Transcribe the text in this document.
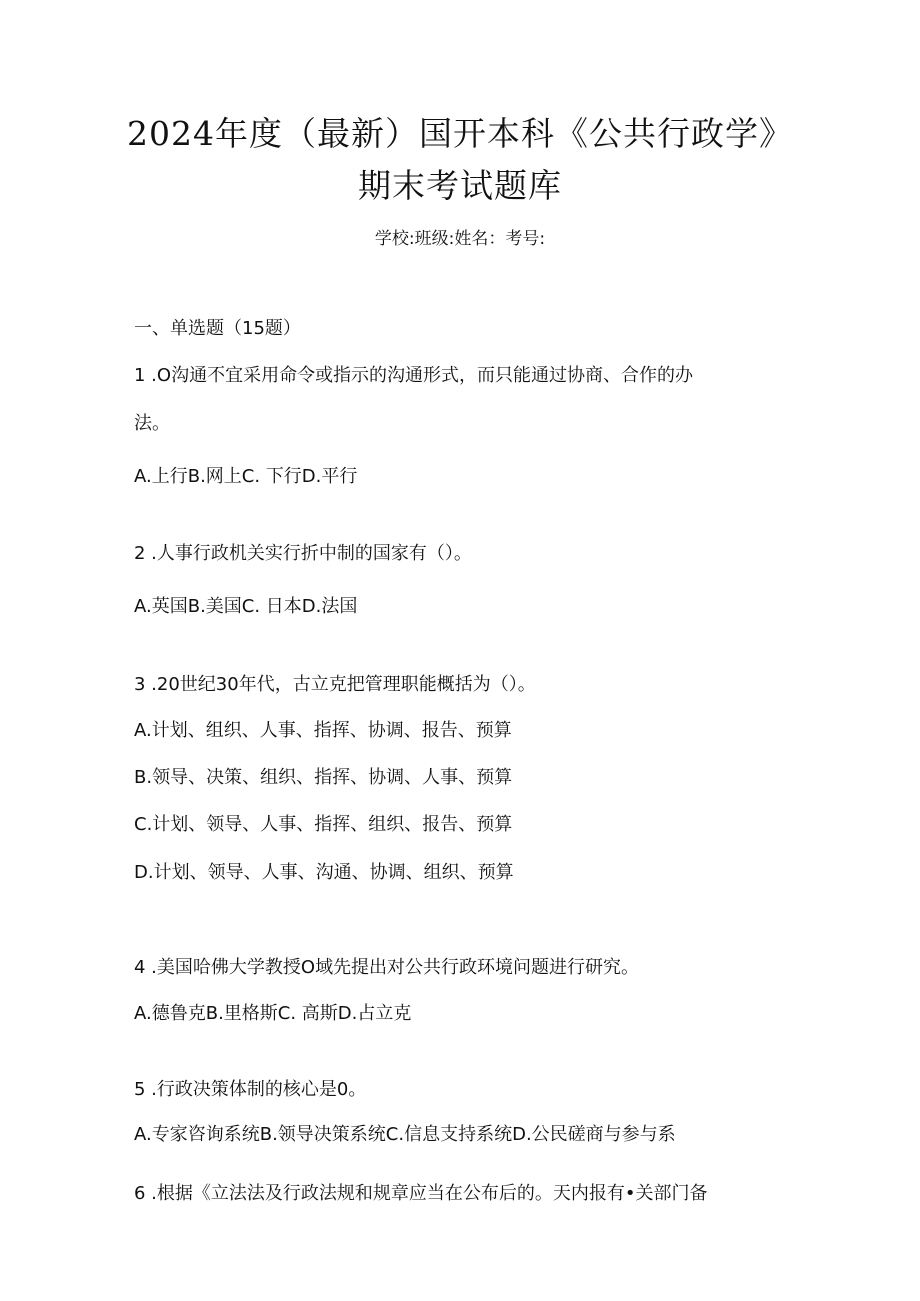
2024年度（最新）国开本科《公共行政学》
期末考试题库
学校:班级:姓名：考号:
一、单选题（15题）
1 .O沟通不宜采用命令或指示的沟通形式，而只能通过协商、合作的办
法。
A.上行B.网上C. 下行D.平行
2 .人事行政机关实行折中制的国家有（）。
A.英国B.美国C. 日本D.法国
3 .20世纪30年代，古立克把管理职能概括为（）。
A.计划、组织、人事、指挥、协调、报告、预算
B.领导、决策、组织、指挥、协调、人事、预算
C.计划、领导、人事、指挥、组织、报告、预算
D.计划、领导、人事、沟通、协调、组织、预算
4 .美国哈佛大学教授O域先提出对公共行政环境问题进行研究。
A.德鲁克B.里格斯C. 高斯D.占立克
5 .行政决策体制的核心是0。
A.专家咨询系统B.领导决策系统C.信息支持系统D.公民磋商与参与系
6 .根据《立法法及行政法规和规章应当在公布后的。天内报有•关部门备
